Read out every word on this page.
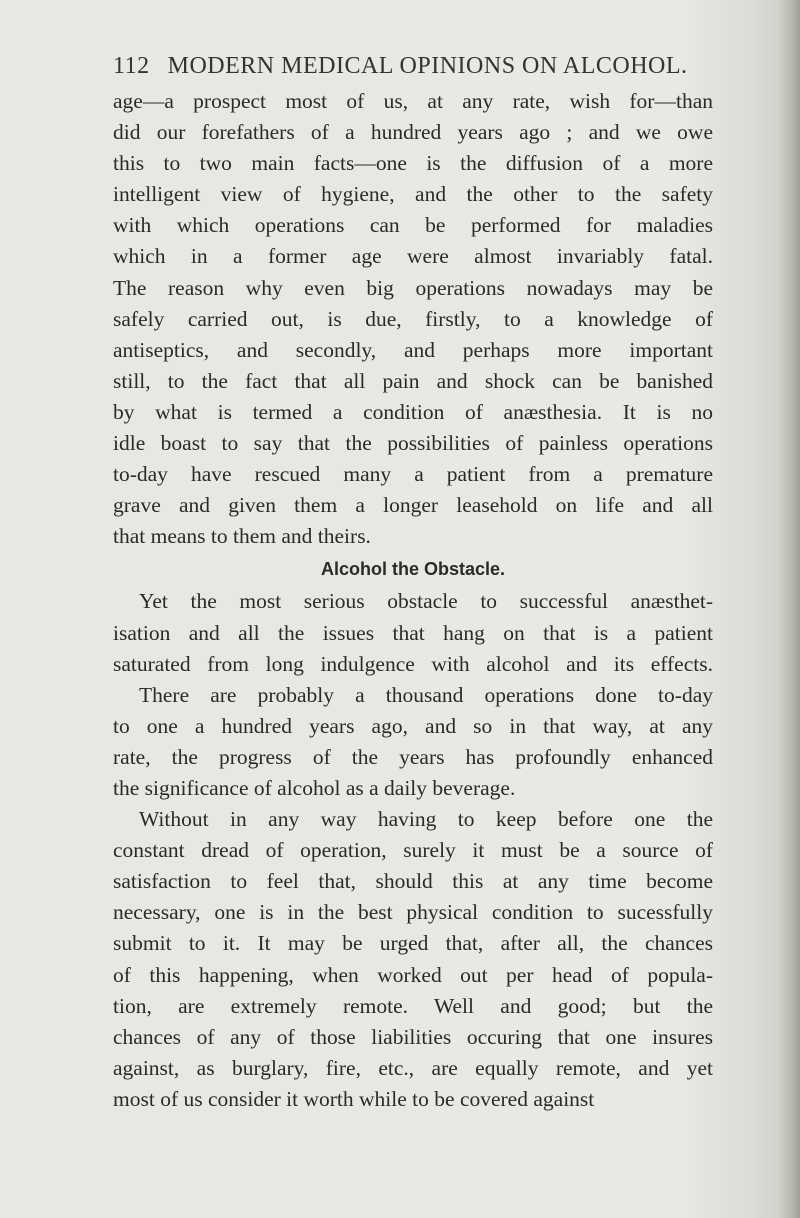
112 MODERN MEDICAL OPINIONS ON ALCOHOL.
age—a prospect most of us, at any rate, wish for—than
did our forefathers of a hundred years ago ; and we owe
this to two main facts—one is the diffusion of a more
intelligent view of hygiene, and the other to the safety
with which operations can be performed for maladies
which in a former age were almost invariably fatal.
The reason why even big operations nowadays may be
safely carried out, is due, firstly, to a knowledge of
antiseptics, and secondly, and perhaps more important
still, to the fact that all pain and shock can be banished
by what is termed a condition of anæsthesia. It is no
idle boast to say that the possibilities of painless operations
to-day have rescued many a patient from a premature
grave and given them a longer leasehold on life and all
that means to them and theirs.
Alcohol the Obstacle.
Yet the most serious obstacle to successful anæsthet-
isation and all the issues that hang on that is a patient
saturated from long indulgence with alcohol and its effects.
There are probably a thousand operations done to-day
to one a hundred years ago, and so in that way, at any
rate, the progress of the years has profoundly enhanced
the significance of alcohol as a daily beverage.
Without in any way having to keep before one the
constant dread of operation, surely it must be a source of
satisfaction to feel that, should this at any time become
necessary, one is in the best physical condition to sucessfully
submit to it. It may be urged that, after all, the chances
of this happening, when worked out per head of popula-
tion, are extremely remote. Well and good; but the
chances of any of those liabilities occuring that one insures
against, as burglary, fire, etc., are equally remote, and yet
most of us consider it worth while to be covered against
